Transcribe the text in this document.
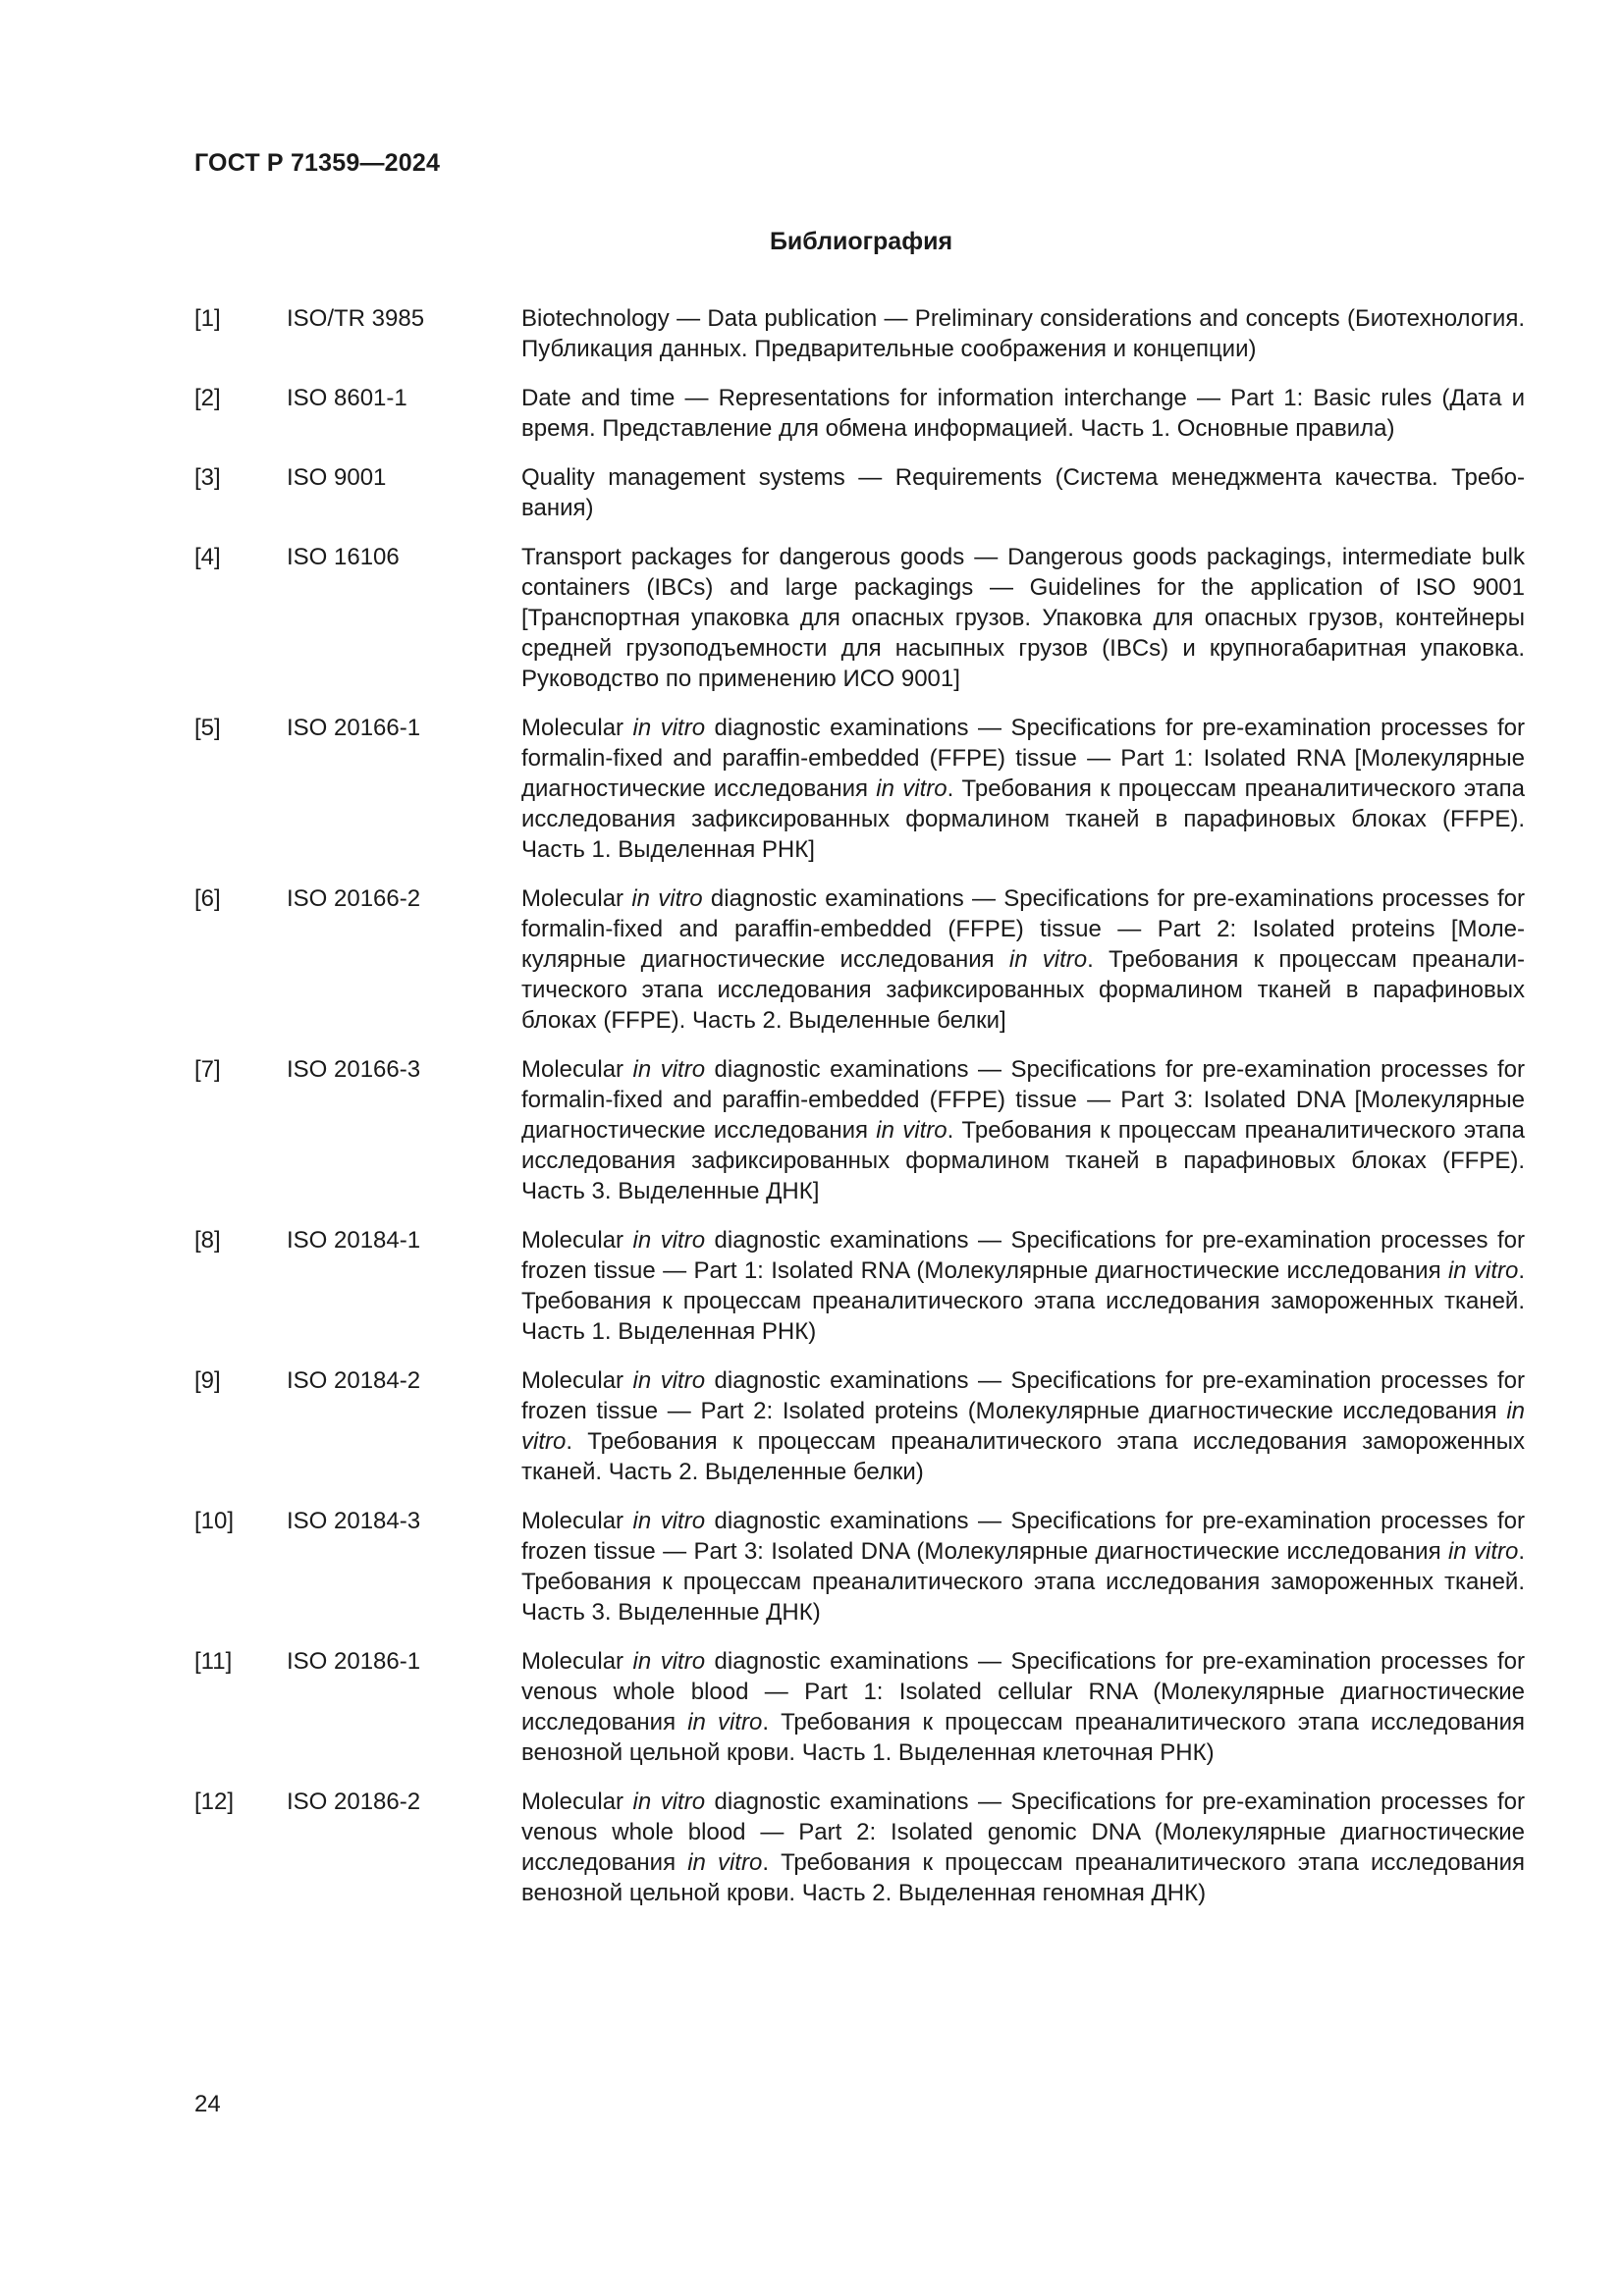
ГОСТ Р 71359—2024
Библиография
[1]	ISO/TR 3985	Biotechnology — Data publication — Preliminary considerations and concepts (Биотехнология. Публикация данных. Предварительные соображения и концепции)
[2]	ISO 8601-1	Date and time — Representations for information interchange — Part 1: Basic rules (Дата и время. Представление для обмена информацией. Часть 1. Основные правила)
[3]	ISO 9001	Quality management systems — Requirements (Система менеджмента качества. Требования)
[4]	ISO 16106	Transport packages for dangerous goods — Dangerous goods packagings, intermediate bulk containers (IBCs) and large packagings — Guidelines for the application of ISO 9001 [Транспортная упаковка для опасных грузов. Упаковка для опасных грузов, контейнеры средней грузоподъемности для насыпных грузов (IBCs) и крупногабаритная упаковка. Руководство по применению ИСО 9001]
[5]	ISO 20166-1	Molecular in vitro diagnostic examinations — Specifications for pre-examination processes for formalin-fixed and paraffin-embedded (FFPE) tissue — Part 1: Isolated RNA [Молекулярные диагностические исследования in vitro. Требования к процессам преаналитического этапа исследования зафиксированных формалином тканей в парафиновых блоках (FFPE). Часть 1. Выделенная РНК]
[6]	ISO 20166-2	Molecular in vitro diagnostic examinations — Specifications for pre-examinations processes for formalin-fixed and paraffin-embedded (FFPE) tissue — Part 2: Isolated proteins [Молекулярные диагностические исследования in vitro. Требования к процессам преаналитического этапа исследования зафиксированных формалином тканей в парафиновых блоках (FFPE). Часть 2. Выделенные белки]
[7]	ISO 20166-3	Molecular in vitro diagnostic examinations — Specifications for pre-examination processes for formalin-fixed and paraffin-embedded (FFPE) tissue — Part 3: Isolated DNA [Молекулярные диагностические исследования in vitro. Требования к процессам преаналитического этапа исследования зафиксированных формалином тканей в парафиновых блоках (FFPE). Часть 3. Выделенные ДНК]
[8]	ISO 20184-1	Molecular in vitro diagnostic examinations — Specifications for pre-examination processes for frozen tissue — Part 1: Isolated RNA (Молекулярные диагностические исследования in vitro. Требования к процессам преаналитического этапа исследования замороженных тканей. Часть 1. Выделенная РНК)
[9]	ISO 20184-2	Molecular in vitro diagnostic examinations — Specifications for pre-examination processes for frozen tissue — Part 2: Isolated proteins (Молекулярные диагностические исследования in vitro. Требования к процессам преаналитического этапа исследования замороженных тканей. Часть 2. Выделенные белки)
[10]	ISO 20184-3	Molecular in vitro diagnostic examinations — Specifications for pre-examination processes for frozen tissue — Part 3: Isolated DNA (Молекулярные диагностические исследования in vitro. Требования к процессам преаналитического этапа исследования замороженных тканей. Часть 3. Выделенные ДНК)
[11]	ISO 20186-1	Molecular in vitro diagnostic examinations — Specifications for pre-examination processes for venous whole blood — Part 1: Isolated cellular RNA (Молекулярные диагностические исследования in vitro. Требования к процессам преаналитического этапа исследования венозной цельной крови. Часть 1. Выделенная клеточная РНК)
[12]	ISO 20186-2	Molecular in vitro diagnostic examinations — Specifications for pre-examination processes for venous whole blood — Part 2: Isolated genomic DNA (Молекулярные диагностические исследования in vitro. Требования к процессам преаналитического этапа исследования венозной цельной крови. Часть 2. Выделенная геномная ДНК)
24
